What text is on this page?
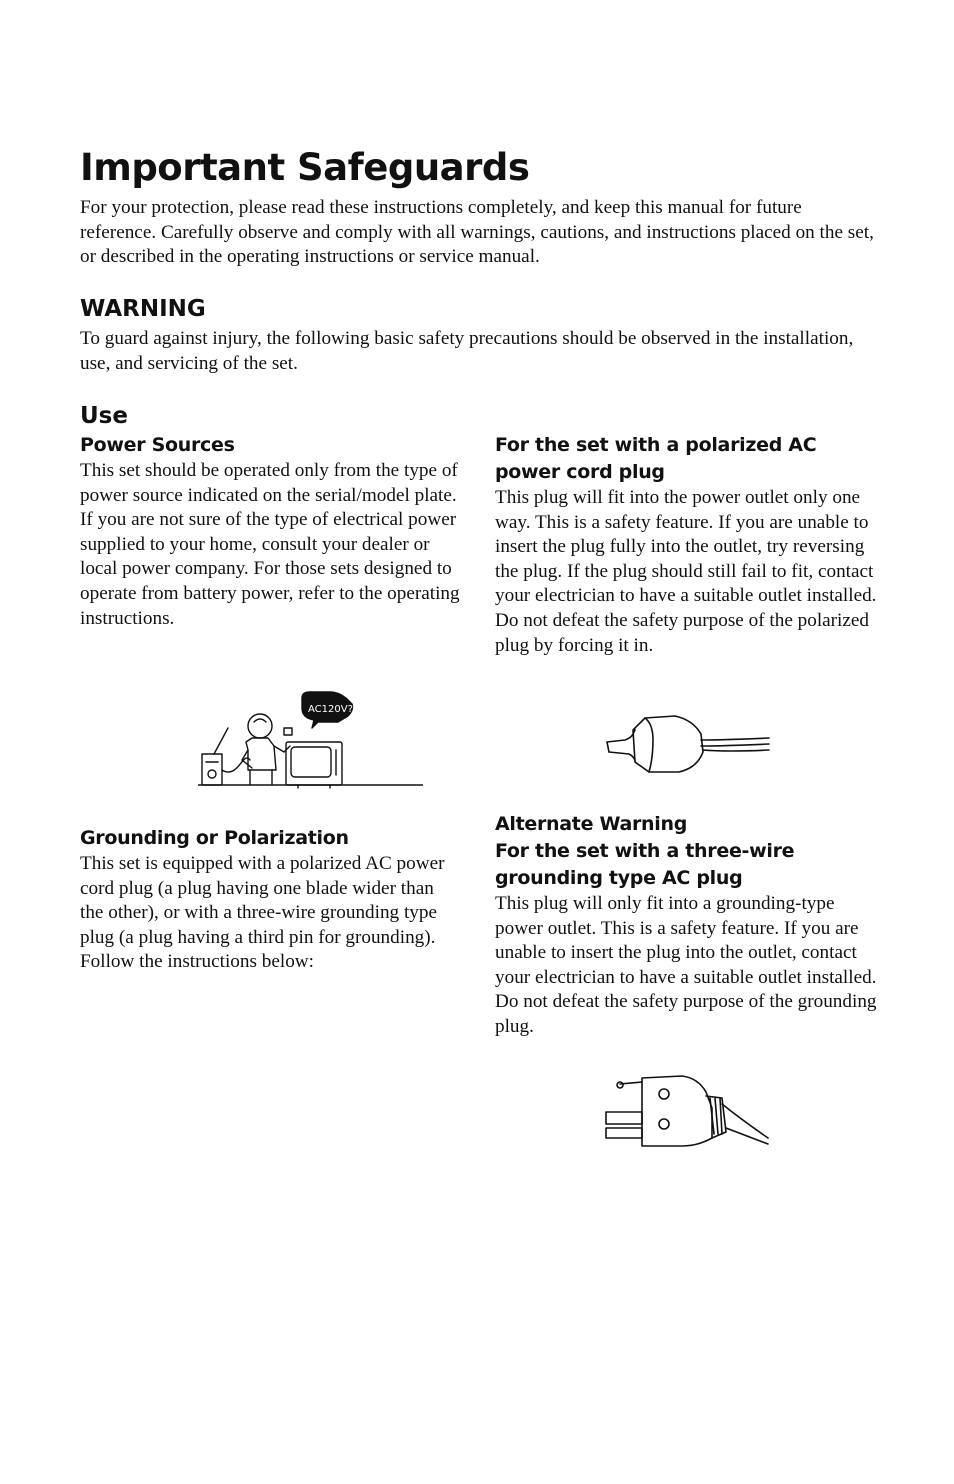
Important Safeguards

For your protection, please read these instructions completely, and keep this manual for future reference. Carefully observe and comply with all warnings, cautions, and instructions placed on the set, or described in the operating instructions or service manual.

WARNING

To guard against injury, the following basic safety precautions should be observed in the installation, use, and servicing of the set.

Use
Power Sources

This set should be operated only from the type of power source indicated on the serial/model plate. If you are not sure of the type of electrical power supplied to your home, consult your dealer or local power company. For those sets designed to operate from battery power, refer to the operating instructions.

AC120V?
Grounding or Polarization

This set is equipped with a polarized AC power cord plug (a plug having one blade wider than the other), or with a three-wire grounding type plug (a plug having a third pin for grounding).

Follow the instructions below:

For the set with a polarized AC power cord plug

This plug will fit into the power outlet only one way. This is a safety feature. If you are unable to insert the plug fully into the outlet, try reversing the plug. If the plug should still fail to fit, contact your electrician to have a suitable outlet installed. Do not defeat the safety purpose of the polarized plug by forcing it in.

Alternate Warning
For the set with a three-wire grounding type AC plug

This plug will only fit into a grounding-type power outlet. This is a safety feature. If you are unable to insert the plug into the outlet, contact your electrician to have a suitable outlet installed. Do not defeat the safety purpose of the grounding plug.
